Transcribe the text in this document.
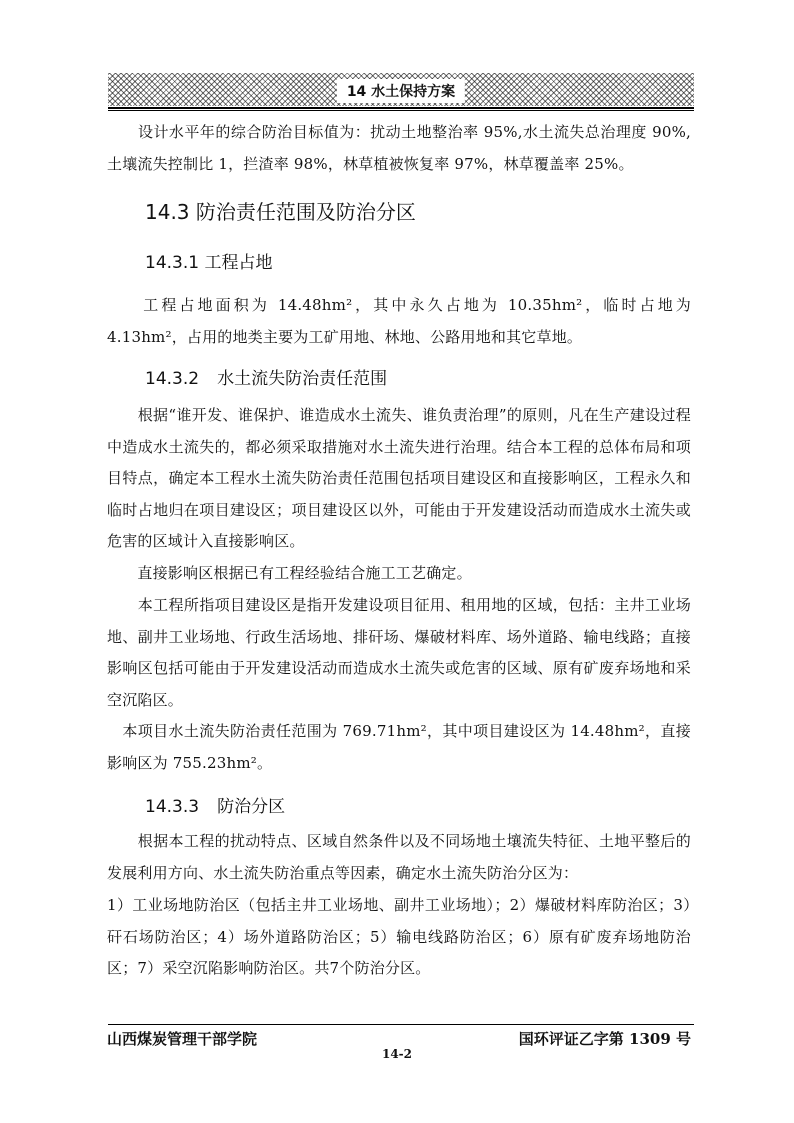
14 水土保持方案
　　设计水平年的综合防治目标值为：扰动土地整治率 95%,水土流失总治理度 90%,土壤流失控制比 1，拦渣率 98%，林草植被恢复率 97%，林草覆盖率 25%。
14.3 防治责任范围及防治分区
14.3.1 工程占地
　　工程占地面积为 14.48hm²，其中永久占地为 10.35hm²，临时占地为 4.13hm²，占用的地类主要为工矿用地、林地、公路用地和其它草地。
14.3.2 水土流失防治责任范围
　　根据“谁开发、谁保护、谁造成水土流失、谁负责治理”的原则，凡在生产建设过程中造成水土流失的，都必须采取措施对水土流失进行治理。结合本工程的总体布局和项目特点，确定本工程水土流失防治责任范围包括项目建设区和直接影响区，工程永久和临时占地归在项目建设区；项目建设区以外，可能由于开发建设活动而造成水土流失或危害的区域计入直接影响区。
　　直接影响区根据已有工程经验结合施工工艺确定。
　　本工程所指项目建设区是指开发建设项目征用、租用地的区域，包括：主井工业场地、副井工业场地、行政生活场地、排矸场、爆破材料库、场外道路、输电线路；直接影响区包括可能由于开发建设活动而造成水土流失或危害的区域、原有矿废弃场地和采空沉陷区。
　本项目水土流失防治责任范围为 769.71hm²，其中项目建设区为 14.48hm²，直接影响区为 755.23hm²。
14.3.3 防治分区
　　根据本工程的扰动特点、区域自然条件以及不同场地土壤流失特征、土地平整后的发展利用方向、水土流失防治重点等因素，确定水土流失防治分区为：
1）工业场地防治区（包括主井工业场地、副井工业场地）；2）爆破材料库防治区；3）矸石场防治区；4）场外道路防治区；5）输电线路防治区；6）原有矿废弃场地防治区；7）采空沉陷影响防治区。共7个防治分区。
山西煤炭管理干部学院	国环评证乙字第 1309 号
14-2
